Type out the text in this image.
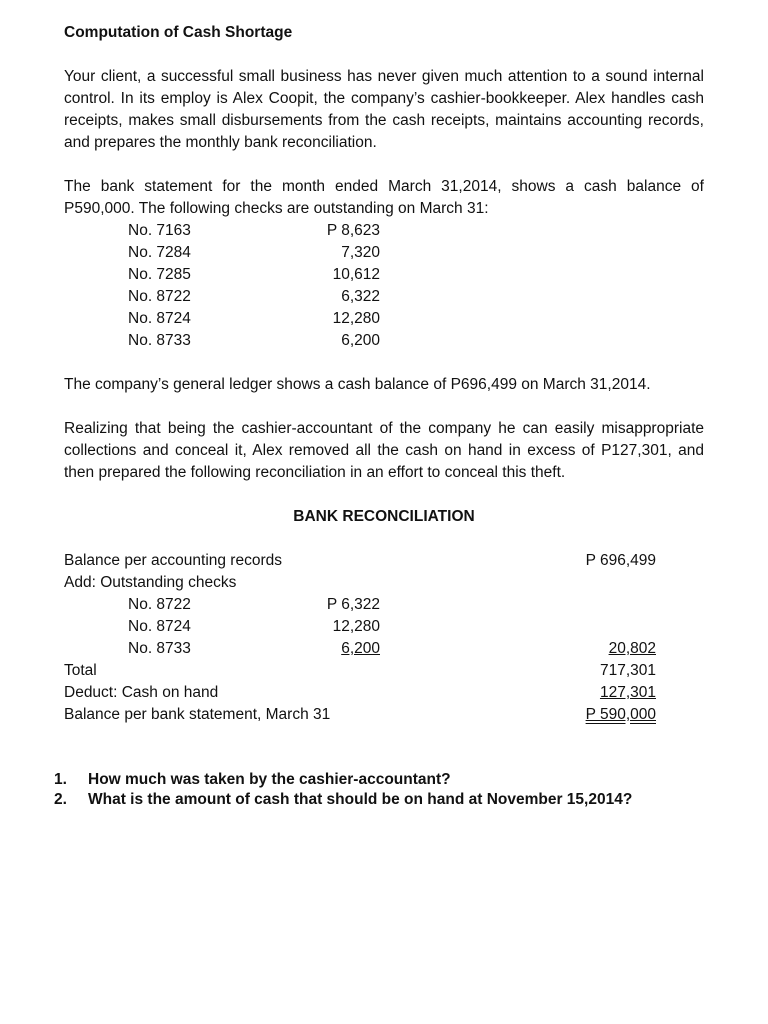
Computation of Cash Shortage

Your client, a successful small business has never given much attention to a sound internal control. In its employ is Alex Coopit, the company’s cashier-bookkeeper. Alex handles cash receipts, makes small disbursements from the cash receipts, maintains accounting records, and prepares the monthly bank reconciliation.

The bank statement for the month ended March 31,2014, shows a cash balance of P590,000. The following checks are outstanding on March 31:

No. 7163	P 8,623
No. 7284	7,320
No. 7285	10,612
No. 8722	6,322
No. 8724	12,280
No. 8733	6,200

The company’s general ledger shows a cash balance of P696,499 on March 31,2014.

Realizing that being the cashier-accountant of the company he can easily misappropriate collections and conceal it, Alex removed all the cash on hand in excess of P127,301, and then prepared the following reconciliation in an effort to conceal this theft.

BANK RECONCILIATION

Balance per accounting records	P 696,499
Add: Outstanding checks
No. 8722	P 6,322
No. 8724	12,280
No. 8733	6,200	20,802
Total	717,301
Deduct: Cash on hand	127,301
Balance per bank statement, March 31	P 590,000
1. How much was taken by the cashier-accountant?
2. What is the amount of cash that should be on hand at November 15,2014?
